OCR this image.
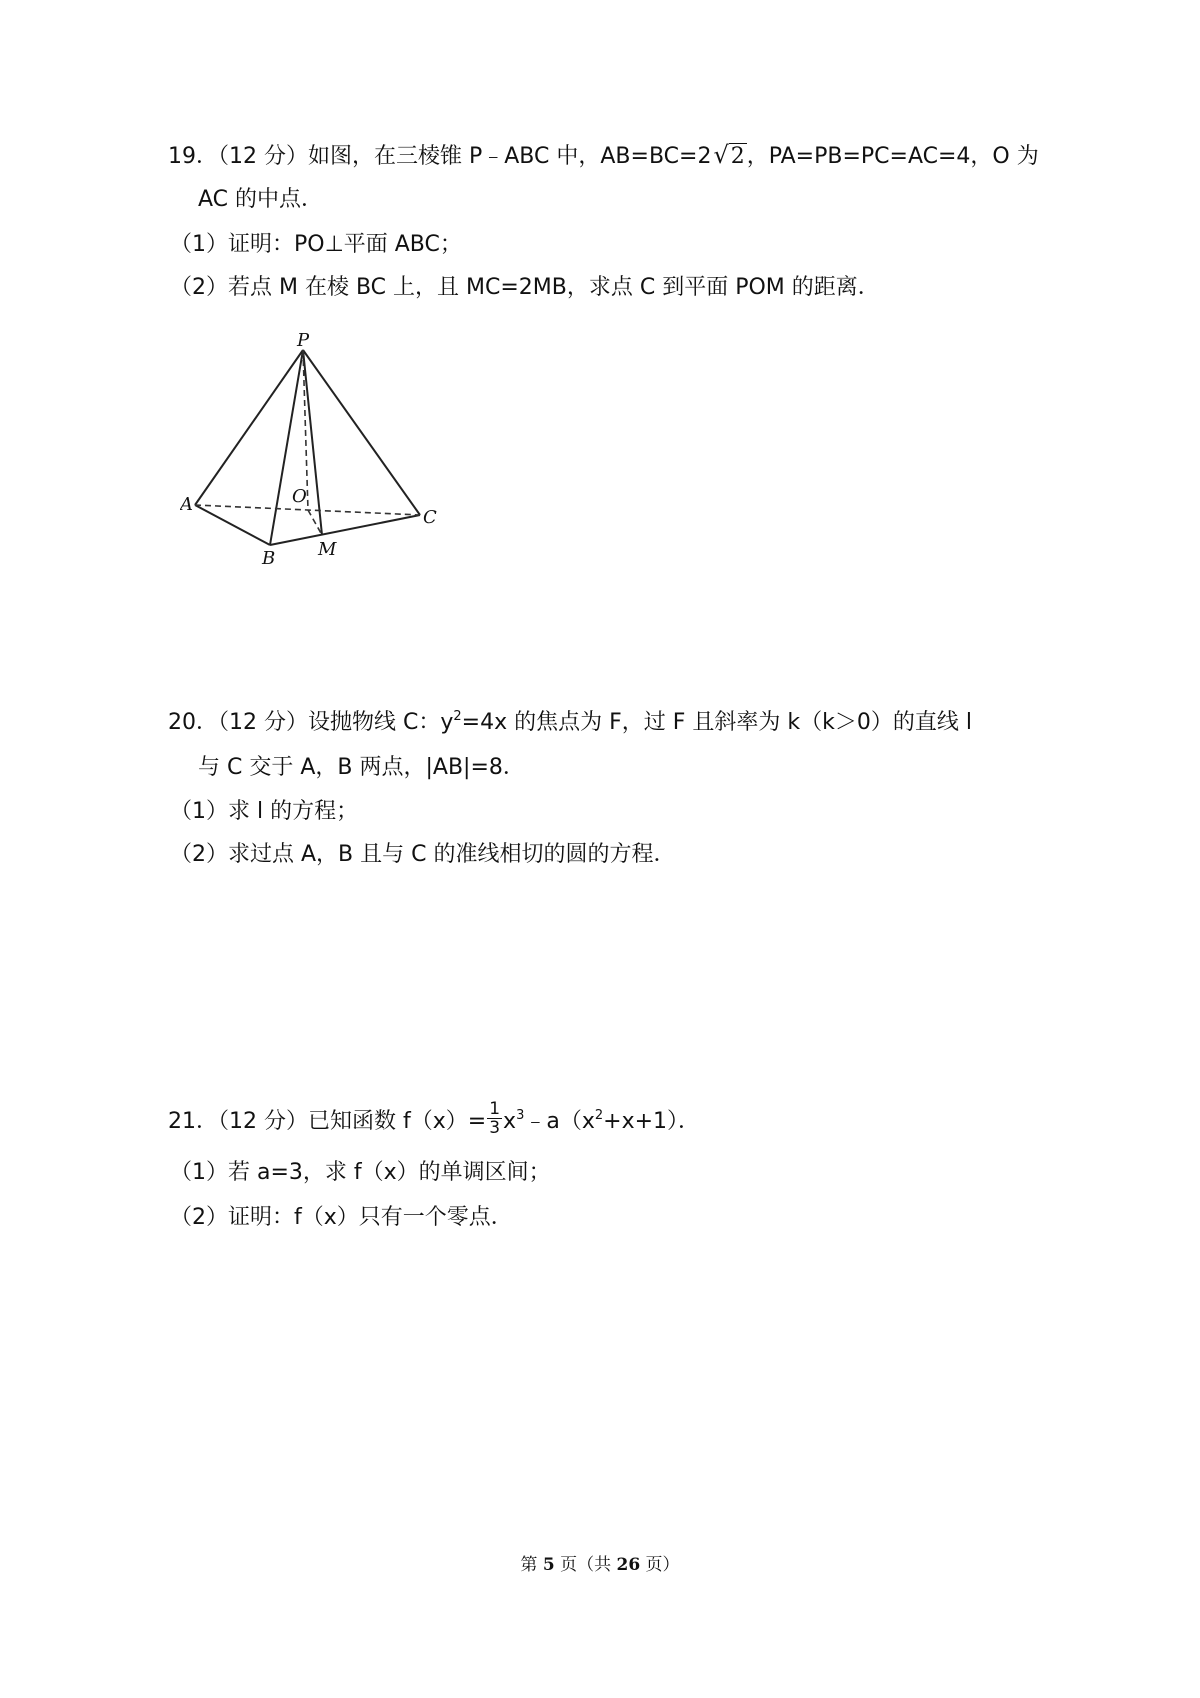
19．（12 分）如图，在三棱锥 P﹣ABC 中，AB=BC=2√2，PA=PB=PC=AC=4，O 为
AC 的中点．
（1）证明：PO⊥平面 ABC；
（2）若点 M 在棱 BC 上，且 MC=2MB，求点 C 到平面 POM 的距离．
P
A
B
C
O
M
20．（12 分）设抛物线 C：$y^2=4x$ 的焦点为 F，过 F 且斜率为 k（k＞0）的直线 l
与 C 交于 A，B 两点，|AB|=8．
（1）求 l 的方程；
（2）求过点 A，B 且与 C 的准线相切的圆的方程．
21．（12 分）已知函数 $f(x)= \frac{1}{3}$ $x^3﹣a(x^2+x+1)$．
（1）若 a=3，求 f（x）的单调区间；
（2）证明：f（x）只有一个零点．
第 5 页（共 26 页）
